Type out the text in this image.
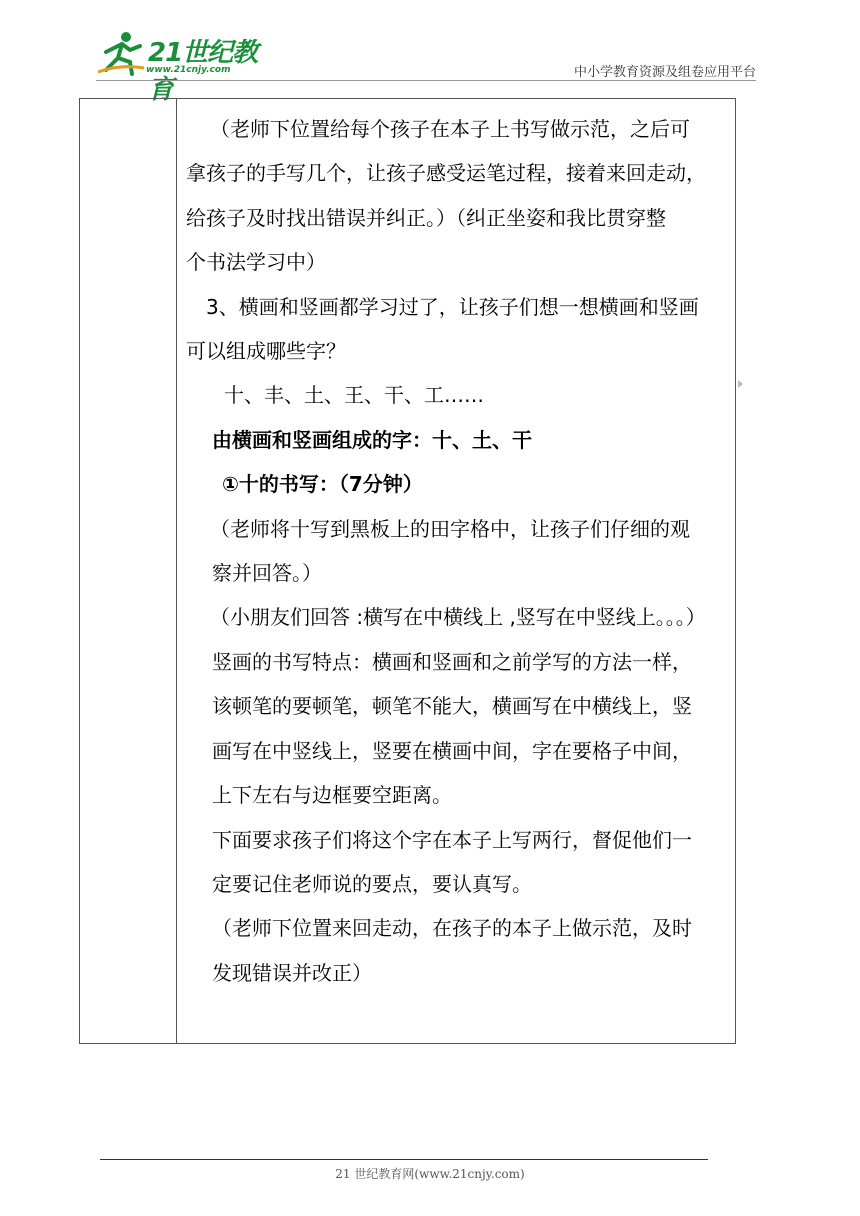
21世纪教育
www.21cnjy.com	中小学教育资源及组卷应用平台
（老师下位置给每个孩子在本子上书写做示范，之后可
拿孩子的手写几个，让孩子感受运笔过程，接着来回走动，
给孩子及时找出错误并纠正。）（纠正坐姿和我比贯穿整
个书法学习中）
3、横画和竖画都学习过了，让孩子们想一想横画和竖画
可以组成哪些字？
十、丰、土、王、干、工……
由横画和竖画组成的字：十、土、干
①十的书写：（7分钟）
（老师将十写到黑板上的田字格中，让孩子们仔细的观
察并回答。）
（小朋友们回答 :横写在中横线上 ,竖写在中竖线上。。。）
竖画的书写特点：横画和竖画和之前学写的方法一样，
该顿笔的要顿笔，顿笔不能大，横画写在中横线上，竖
画写在中竖线上，竖要在横画中间，字在要格子中间，
上下左右与边框要空距离。
下面要求孩子们将这个字在本子上写两行，督促他们一
定要记住老师说的要点，要认真写。
（老师下位置来回走动，在孩子的本子上做示范，及时
发现错误并改正）
21 世纪教育网(www.21cnjy.com)
